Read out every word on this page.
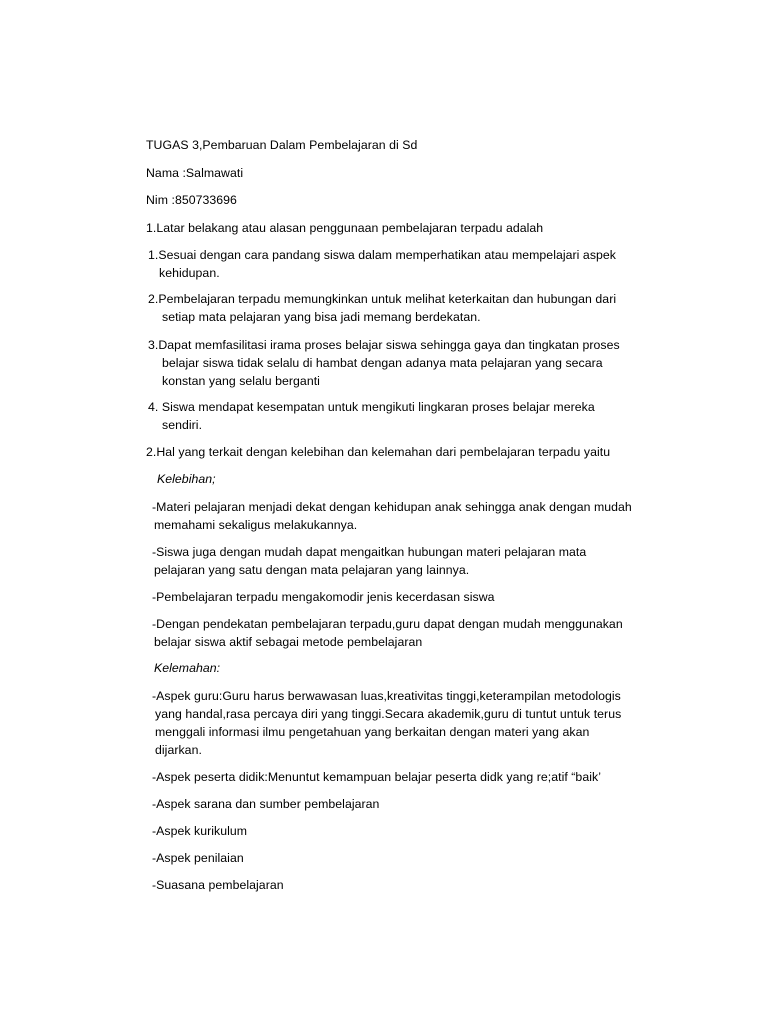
TUGAS 3,Pembaruan Dalam Pembelajaran di Sd
Nama :Salmawati
Nim :850733696
1.Latar belakang atau alasan penggunaan pembelajaran terpadu adalah
1.Sesuai dengan cara pandang siswa dalam memperhatikan atau mempelajari aspek
kehidupan.
2.Pembelajaran terpadu memungkinkan untuk melihat keterkaitan dan hubungan dari
setiap mata pelajaran yang bisa jadi memang berdekatan.
3.Dapat memfasilitasi irama proses belajar siswa sehingga gaya dan tingkatan proses
belajar siswa tidak selalu di hambat dengan adanya mata pelajaran yang secara
konstan yang selalu berganti
4. Siswa mendapat kesempatan untuk mengikuti lingkaran proses belajar mereka
sendiri.
2.Hal yang terkait dengan kelebihan dan kelemahan dari pembelajaran terpadu yaitu
Kelebihan;
-Materi pelajaran menjadi dekat dengan kehidupan anak sehingga anak dengan mudah
memahami sekaligus melakukannya.
-Siswa juga dengan mudah dapat mengaitkan hubungan materi pelajaran mata
pelajaran yang satu dengan mata pelajaran yang lainnya.
-Pembelajaran terpadu mengakomodir jenis kecerdasan siswa
-Dengan pendekatan pembelajaran terpadu,guru dapat dengan mudah menggunakan
belajar siswa aktif sebagai metode pembelajaran
Kelemahan:
-Aspek guru:Guru harus berwawasan luas,kreativitas tinggi,keterampilan metodologis
yang handal,rasa percaya diri yang tinggi.Secara akademik,guru di tuntut untuk terus
menggali informasi ilmu pengetahuan yang berkaitan dengan materi yang akan
dijarkan.
-Aspek peserta didik:Menuntut kemampuan belajar peserta didk yang re;atif “baik’
-Aspek sarana dan sumber pembelajaran
-Aspek kurikulum
-Aspek penilaian
-Suasana pembelajaran
